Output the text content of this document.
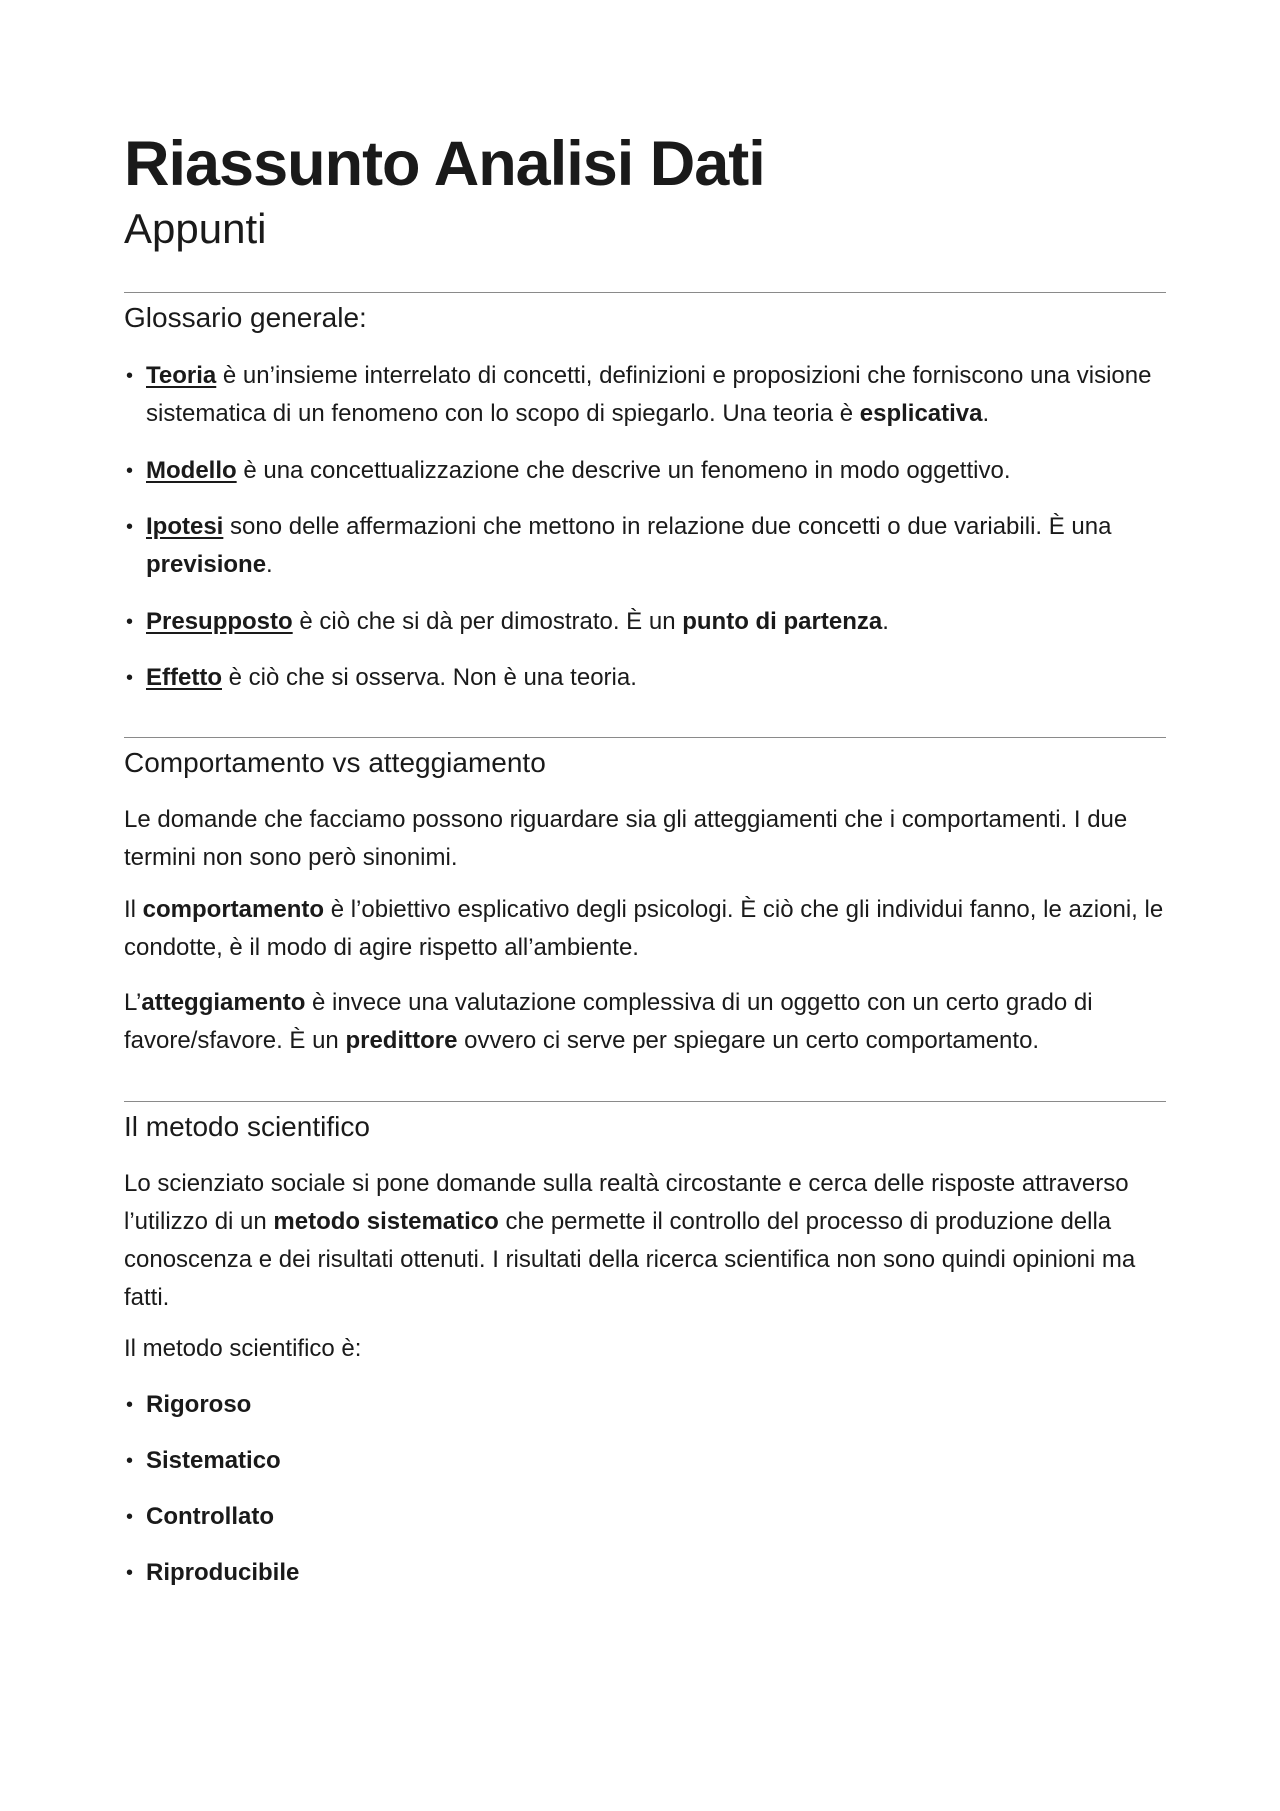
Riassunto Analisi Dati
Appunti
Glossario generale:
• Teoria è un’insieme interrelato di concetti, definizioni e proposizioni che forniscono una visione sistematica di un fenomeno con lo scopo di spiegarlo. Una teoria è esplicativa.
• Modello è una concettualizzazione che descrive un fenomeno in modo oggettivo.
• Ipotesi sono delle affermazioni che mettono in relazione due concetti o due variabili. È una previsione.
• Presupposto è ciò che si dà per dimostrato. È un punto di partenza.
• Effetto è ciò che si osserva. Non è una teoria.
Comportamento vs atteggiamento

Le domande che facciamo possono riguardare sia gli atteggiamenti che i comportamenti. I due termini non sono però sinonimi.

Il comportamento è l’obiettivo esplicativo degli psicologi. È ciò che gli individui fanno, le azioni, le condotte, è il modo di agire rispetto all’ambiente.

L’atteggiamento è invece una valutazione complessiva di un oggetto con un certo grado di favore/sfavore. È un predittore ovvero ci serve per spiegare un certo comportamento.

Il metodo scientifico

Lo scienziato sociale si pone domande sulla realtà circostante e cerca delle risposte attraverso l’utilizzo di un metodo sistematico che permette il controllo del processo di produzione della conoscenza e dei risultati ottenuti. I risultati della ricerca scientifica non sono quindi opinioni ma fatti.

Il metodo scientifico è:

• Rigoroso
• Sistematico
• Controllato
• Riproducibile
